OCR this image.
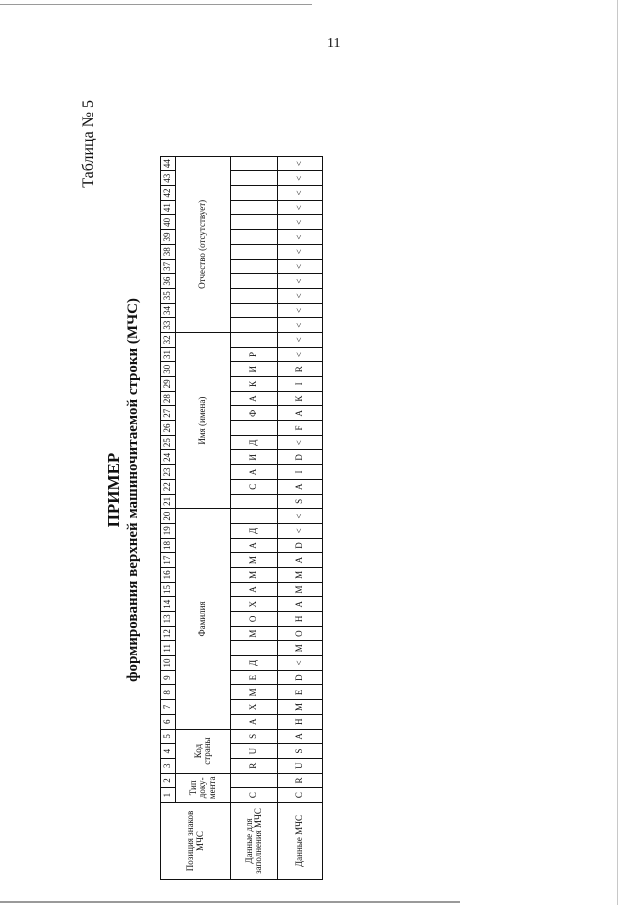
11
Таблица № 5
ПРИМЕР формирования верхней машиночитаемой строки (МЧС)
Позиция знаков МЧС	1	2	3	4	5	6	7	8	9	10	11	12	13	14	15	16	17	18	19	20	21	22	23	24	25	26	27	28	29	30	31	32	33	34	35	36	37	38	39	40	41	42	43	44
	Тип доку-мента		Код страны			Фамилия															Имя (имена)												Отчество (отсутствует)											
Данные для заполнения МЧС	С		R	U	S	А	Х	М	Е	Д		М	О	Х	А	М	М	А	Д			С	А	И	Д		Ф	А	К	И	Р													
Данные МЧС	С	R	U	S	А	Н	М	Е	D	<	М	О	Н	А	М	М	А	D	<	<	S	А	I	D	<	F	А	К	I	R	<	<	<	<	<	<	<	<	<	<	<	<	<	<
